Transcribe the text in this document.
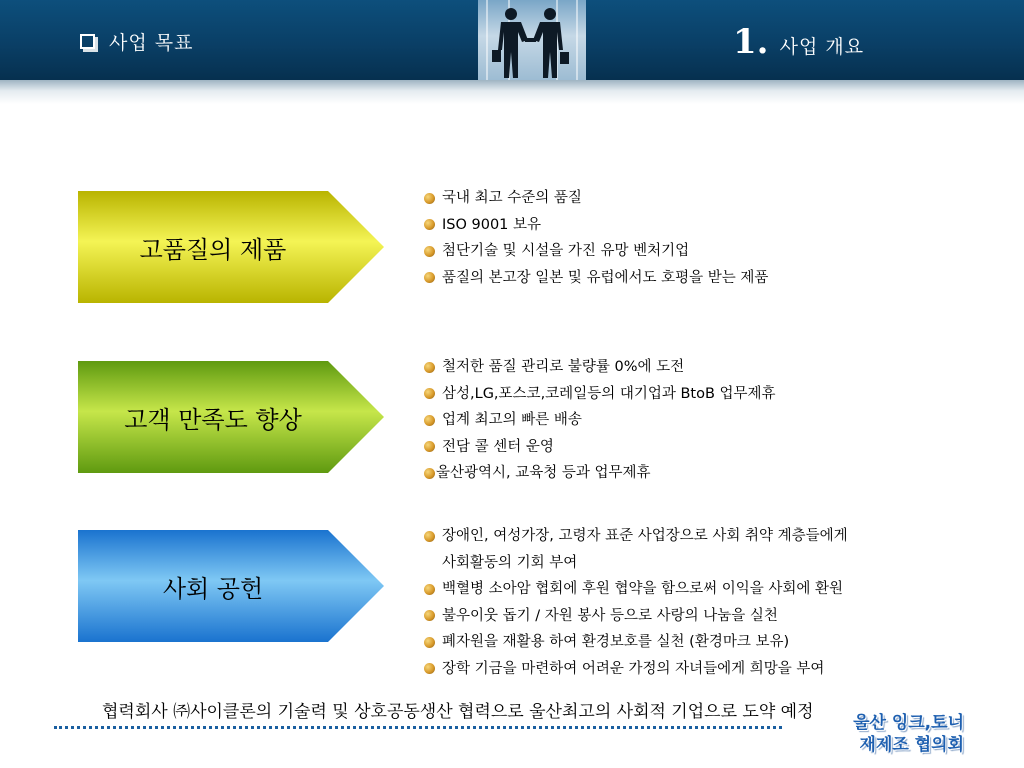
사업 목표	1. 사업 개요
고품질의 제품
국내 최고 수준의 품질
ISO 9001 보유
첨단기술 및 시설을 가진 유망 벤처기업
품질의 본고장 일본 및 유럽에서도 호평을 받는 제품
고객 만족도 향상
철저한 품질 관리로 불량률 0%에 도전
삼성,LG,포스코,코레일등의 대기업과 BtoB 업무제휴
업계 최고의 빠른 배송
전담 콜 센터 운영
울산광역시, 교육청 등과 업무제휴
사회 공헌
장애인, 여성가장, 고령자 표준 사업장으로 사회 취약 계층들에게
사회활동의 기회 부여
백혈병 소아암 협회에 후원 협약을 함으로써 이익을 사회에 환원
불우이웃 돕기 / 자원 봉사 등으로 사랑의 나눔을 실천
폐자원을 재활용 하여 환경보호를 실천 (환경마크 보유)
장학 기금을 마련하여 어려운 가정의 자녀들에게 희망을 부여
협력회사 ㈜사이클론의 기술력 및 상호공동생산 협력으로 울산최고의 사회적 기업으로 도약 예정
울산 잉크,토너
재제조 협의회
